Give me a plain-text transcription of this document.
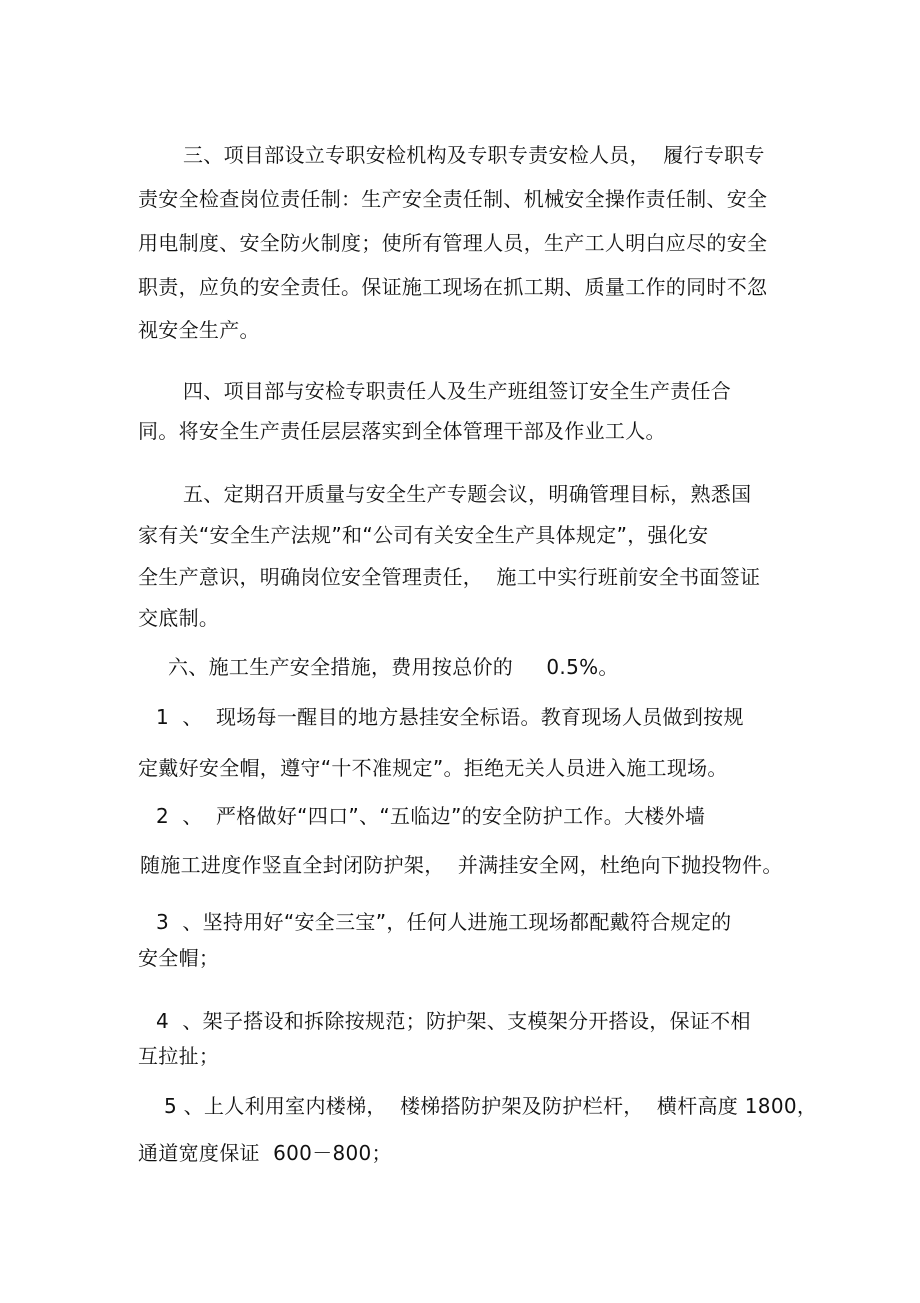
三、项目部设立专职安检机构及专职专责安检人员，  履行专职专
责安全检查岗位责任制：生产安全责任制、机械安全操作责任制、安全
用电制度、安全防火制度；使所有管理人员，生产工人明白应尽的安全
职责，应负的安全责任。保证施工现场在抓工期、质量工作的同时不忽
视安全生产。
四、项目部与安检专职责任人及生产班组签订安全生产责任合
同。将安全生产责任层层落实到全体管理干部及作业工人。
五、定期召开质量与安全生产专题会议，明确管理目标，熟悉国
家有关“安全生产法规”和“公司有关安全生产具体规定”，强化安
全生产意识，明确岗位安全管理责任，  施工中实行班前安全书面签证
交底制。
六、施工生产安全措施，费用按总价的     0.5%。
1  、  现场每一醒目的地方悬挂安全标语。教育现场人员做到按规
定戴好安全帽，遵守“十不准规定”。拒绝无关人员进入施工现场。
2  、  严格做好“四口”、“五临边”的安全防护工作。大楼外墙
随施工进度作竖直全封闭防护架，  并满挂安全网，杜绝向下抛投物件。
3  、坚持用好“安全三宝”，任何人进施工现场都配戴符合规定的
安全帽；
4  、架子搭设和拆除按规范；防护架、支模架分开搭设，保证不相
互拉扯；
5 、上人利用室内楼梯，  楼梯搭防护架及防护栏杆，  横杆高度 1800，
通道宽度保证  600－800；
